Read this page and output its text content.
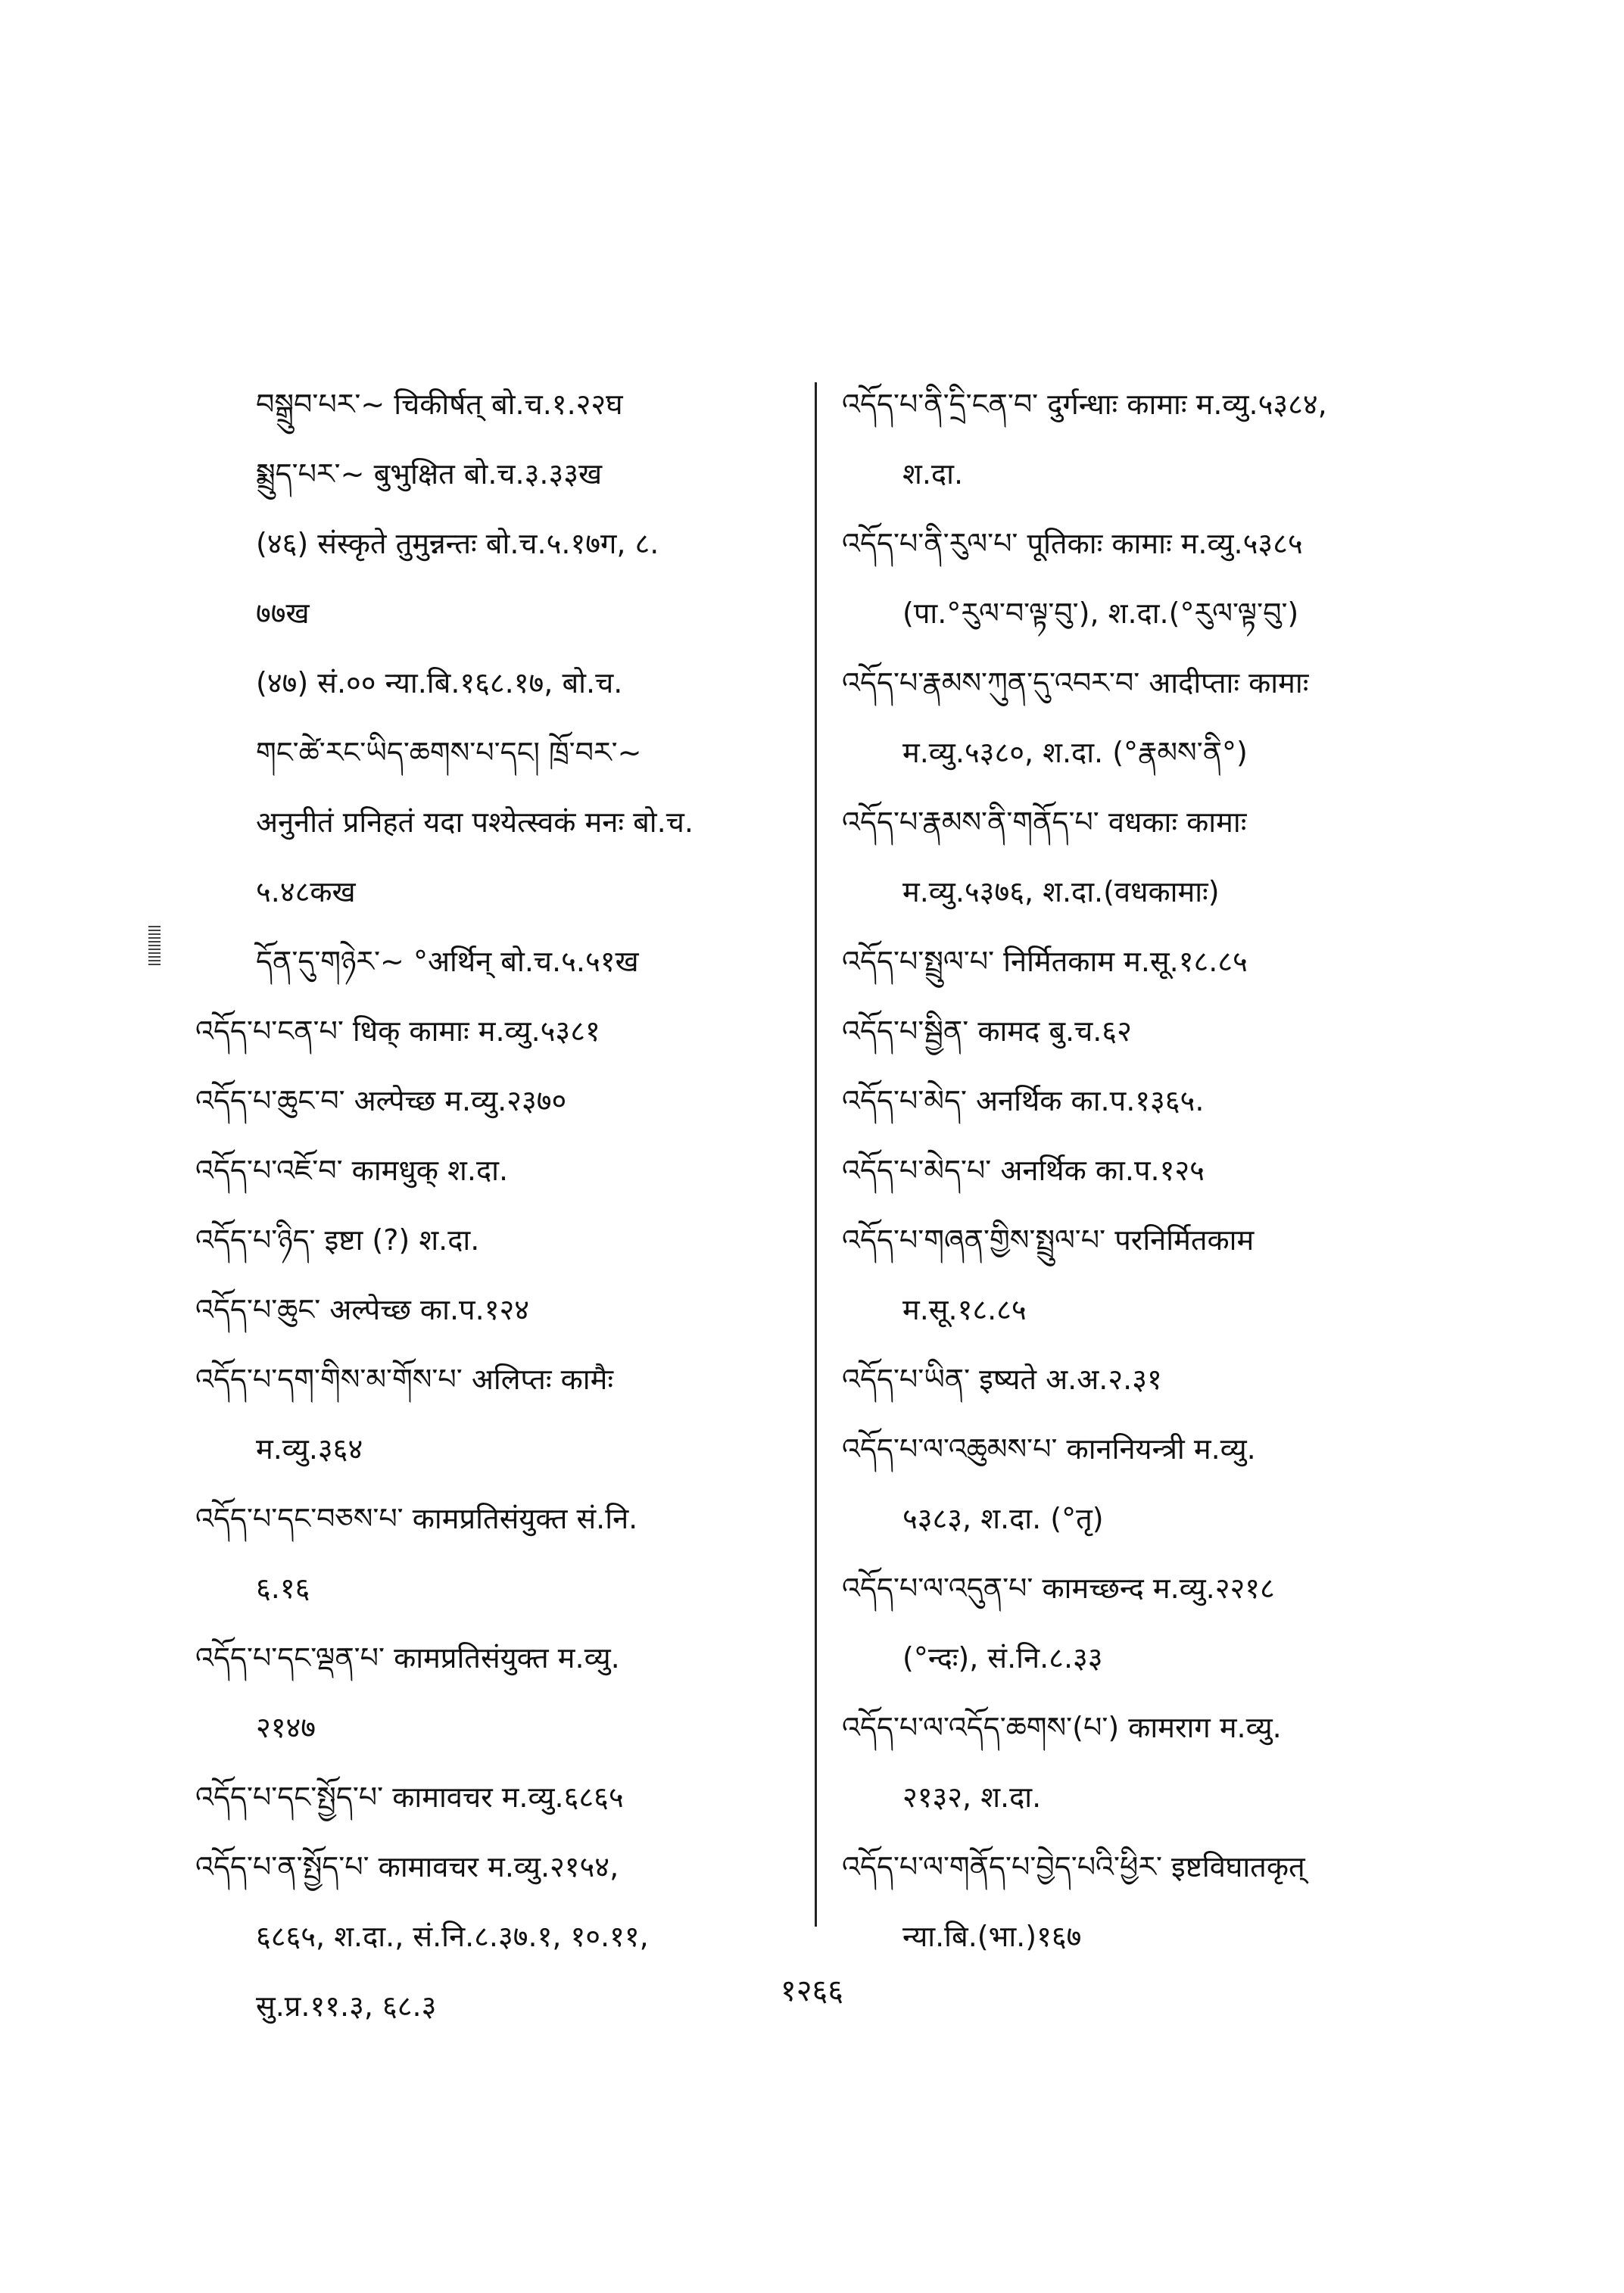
བསྒྲུབ་པར་~ चिकीर्षत् बो.च.१.२२घ
སྨྲུད་པར་~ बुभुक्षित बो.च.३.३३ख
(४६) संस्कृते तुमुन्नन्तः बो.च.५.१७ग, ८.
७७ख
(४७) सं.०० न्या.बि.१६८.१७, बो.च.
གང་ཚེ་རང་ཡིད་ཆགས་པ་དང། ཁྲོ་བར་~
अनुनीतं प्रनिहतं यदा पश्येत्स्वकं मनः बो.च.
५.४८कख
དོན་དུ་གཉེར་~ °अर्थिन् बो.च.५.५१ख
འདོད་པ་ངན་པ་ धिक् कामाः म.व्यु.५३८१
འདོད་པ་ཆུང་བ་ अल्पेच्छ म.व्यु.२३७०
འདོད་པ་འཇོ་བ་ कामधुक् श.दा.
འདོད་པ་ཉིད་ इष्टा (?) श.दा.
འདོད་པ་ཆུང་ अल्पेच्छ का.प.१२४
འདོད་པ་དག་གིས་མ་གོས་པ་ अलिप्तः कामैः
म.व्यु.३६४
འདོད་པ་དང་བཅས་པ་ कामप्रतिसंयुक्त सं.नि.
६.१६
འདོད་པ་དང་ལྡན་པ་ कामप्रतिसंयुक्त म.व्यु.
२१४७
འདོད་པ་དང་སྤྱོད་པ་ कामावचर म.व्यु.६८६५
འདོད་པ་ན་སྤྱོད་པ་ कामावचर म.व्यु.२१५४,
६८६५, श.दा., सं.नि.८.३७.१, १०.११,
सु.प्र.११.३, ६८.३
འདོད་པ་ནི་དྲི་ངན་བ་ दुर्गन्धाः कामाः म.व्यु.५३८४,
श.दा.
འདོད་པ་ནི་རུལ་པ་ पूतिकाः कामाः म.व्यु.५३८५
(पा.°རུལ་བ་ལྟ་བུ་), श.दा.(°རུལ་ལྟ་བུ་)
འདོད་པ་རྣམས་ཀུན་དུ་འབར་བ་ आदीप्ताः कामाः
म.व्यु.५३८०, श.दा. (°རྣམས་ནི°)
འདོད་པ་རྣམས་ནི་གནོད་པ་ वधकाः कामाः
म.व्यु.५३७६, श.दा.(वधकामाः)
འདོད་པ་སྤྲུལ་པ་ निर्मितकाम म.सू.१८.८५
འདོད་པ་སྦྱིན་ कामद बु.च.६२
འདོད་པ་མེད་ अनर्थिक का.प.१३६५.
འདོད་པ་མེད་པ་ अनर्थिक का.प.१२५
འདོད་པ་གཞན་གྱིས་སྤྲུལ་པ་ परनिर्मितकाम
म.सू.१८.८५
འདོད་པ་ཡིན་ इष्यते अ.अ.२.३१
འདོད་པ་ལ་འཆུམས་པ་ काननियन्त्री म.व्यु.
५३८३, श.दा. (°तृ)
འདོད་པ་ལ་འདུན་པ་ कामच्छन्द म.व्यु.२२१८
(°न्दः), सं.नि.८.३३
འདོད་པ་ལ་འདོད་ཆགས་(པ་) कामराग म.व्यु.
२१३२, श.दा.
འདོད་པ་ལ་གནོད་པ་བྱེད་པའི་ཕྱིར་ इष्टविघातकृत्
न्या.बि.(भा.)१६७
१२६६
